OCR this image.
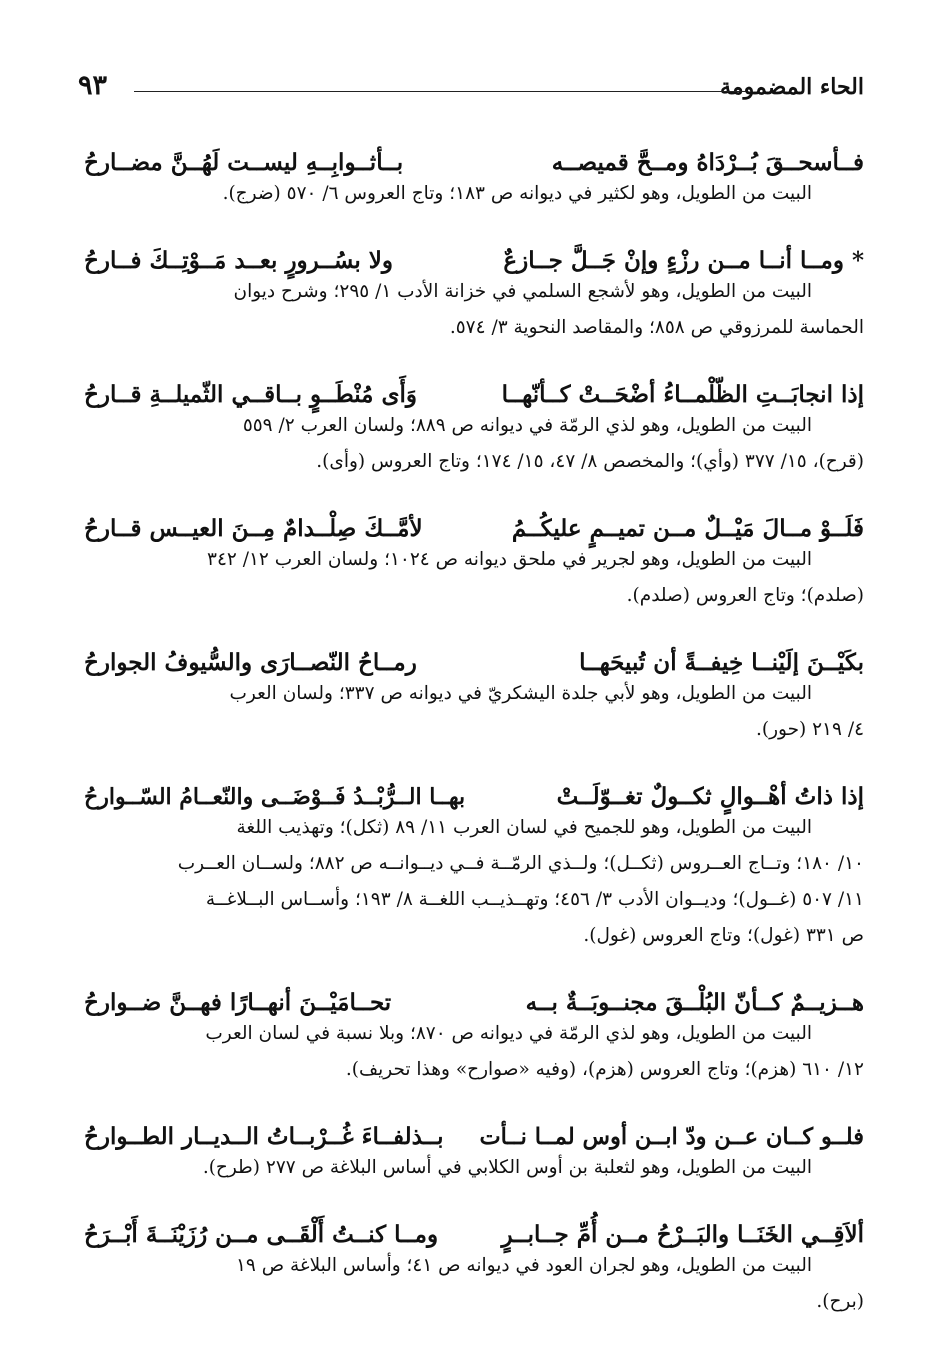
الحاء المضمومة
٩٣
فــأسحــقَ بُــرْدَاهُ ومــحَّ قميصــه
بــأثــوابِــهِ ليســت لَهُــنَّ مضــارحُ
البيت من الطويل، وهو لكثير في ديوانه ص ١٨٣؛ وتاج العروس ٦/ ٥٧٠ (ضرج).
* ومــا أنــا مــن رزْءٍ وإنْ جَــلَّ جــازعٌ
ولا بسُــرورٍ بعــد مَــوْتِــكَ فــارحُ
البيت من الطويل، وهو لأشجع السلمي في خزانة الأدب ١/ ٢٩٥؛ وشرح ديوان
الحماسة للمرزوقي ص ٨٥٨؛ والمقاصد النحوية ٣/ ٥٧٤.
إذا انجابَــتِ الظّلْمــاءُ أضْحَــتْ كــأنّهــا
وَأَى مُنْطَــوٍ بــاقــي الثّميلــةِ قــارحُ
البيت من الطويل، وهو لذي الرمّة في ديوانه ص ٨٨٩؛ ولسان العرب ٢/ ٥٥٩
(قرح)، ١٥/ ٣٧٧ (وأي)؛ والمخصص ٨/ ٤٧، ١٥/ ١٧٤؛ وتاج العروس (وأى).
فَلَــوْ مــالَ مَيْــلٌ مــن تميــمٍ عليكُــمُ
لأمَّــكَ صِلْــدامٌ مِــنَ العيــس قــارحُ
البيت من الطويل، وهو لجرير في ملحق ديوانه ص ١٠٢٤؛ ولسان العرب ١٢/ ٣٤٢
(صلدم)؛ وتاج العروس (صلدم).
بكَيْــنَ إلَيْنــا خِيفــةً أن تُبيحَهــا
رمــاحُ النّصــارَى والسُّيوفُ الجوارحُ
البيت من الطويل، وهو لأبي جلدة اليشكريّ في ديوانه ص ٣٣٧؛ ولسان العرب
٤/ ٢١٩ (حور).
إذا ذاتُ أهْــوالٍ ثكــولٌ تغــوّلَــتْ
بهــا الــرُّبْــدُ فَــوْضَــى والنّعــامُ السّــوارحُ
البيت من الطويل، وهو للجميح في لسان العرب ١١/ ٨٩ (ثكل)؛ وتهذيب اللغة
١٠/ ١٨٠؛ وتــاج العــروس (ثكــل)؛ ولــذي الرمّــة فــي ديــوانــه ص ٨٨٢؛ ولســان العــرب
١١/ ٥٠٧ (غــول)؛ وديــوان الأدب ٣/ ٤٥٦؛ وتهــذيــب اللغــة ٨/ ١٩٣؛ وأســاس البــلاغــة
ص ٣٣١ (غول)؛ وتاج العروس (غول).
هــزيــمٌ كــأنّ البُلْــقَ مجنــوبَــةٌ بــه
تحــامَيْــنَ أنهــارًا فهــنَّ ضــوارحُ
البيت من الطويل، وهو لذي الرمّة في ديوانه ص ٨٧٠؛ وبلا نسبة في لسان العرب
١٢/ ٦١٠ (هزم)؛ وتاج العروس (هزم)، (وفيه «صوارح» وهذا تحريف).
فلــو كــان عــن ودّ ابــن أوس لمــا نــأت
بــذلفــاءَ غُــرْبــاتُ الــديــار الطــوارحُ
البيت من الطويل، وهو لثعلبة بن أوس الكلابي في أساس البلاغة ص ٢٧٧ (طرح).
ألاَقِــي الخَنَــا والبَــرْحُ مــن أُمِّ جــابــرٍ
ومــا كنــتُ أَلْقَــى مــن رُزَيْنَــةَ أَبْــرَحُ
البيت من الطويل، وهو لجران العود في ديوانه ص ٤١؛ وأساس البلاغة ص ١٩
(برح).
